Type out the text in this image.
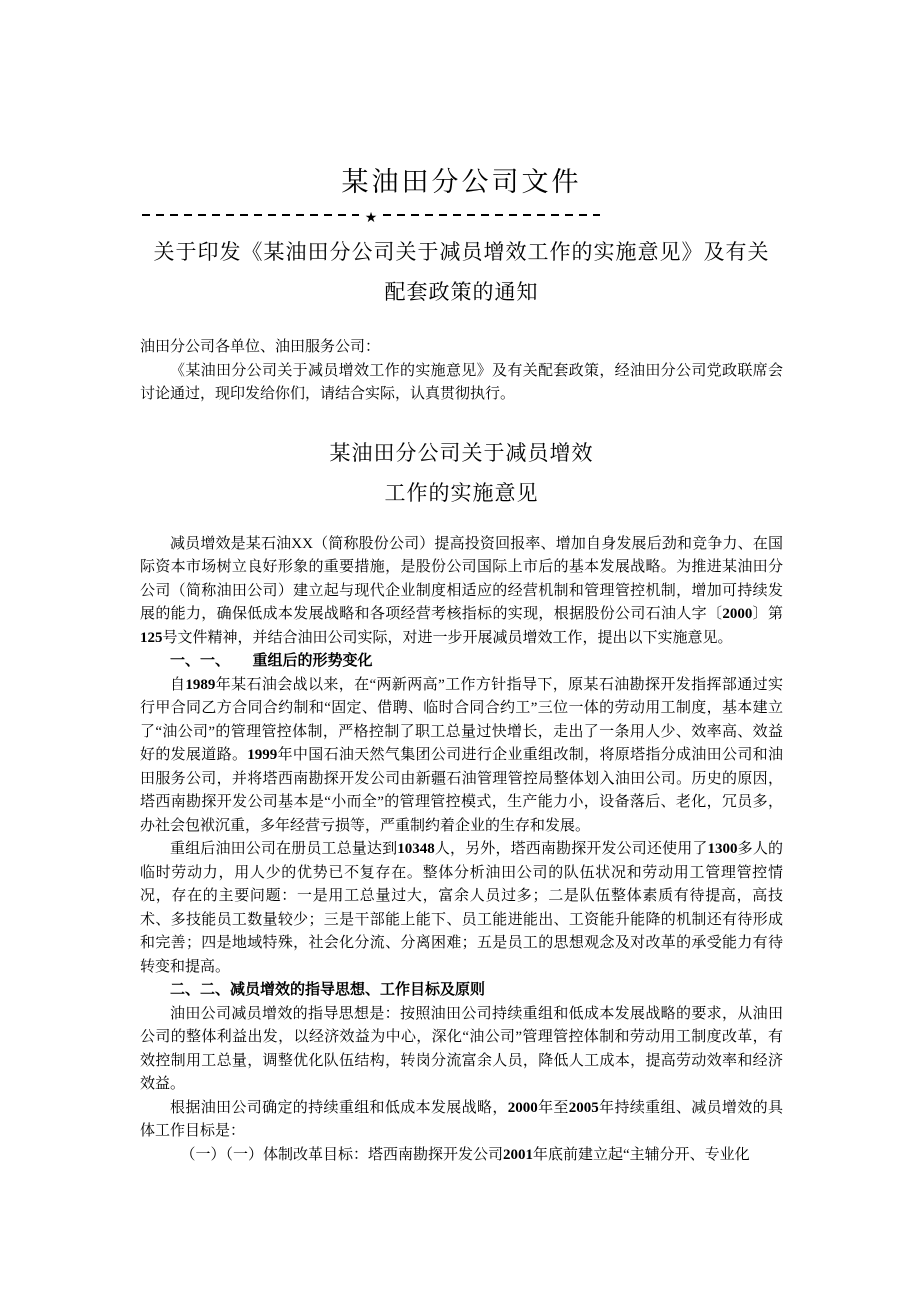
某油田分公司文件
★
关于印发《某油田分公司关于减员增效工作的实施意见》及有关
配套政策的通知

油田分公司各单位、油田服务公司：

《某油田分公司关于减员增效工作的实施意见》及有关配套政策，经油田分公司党政联席会讨论通过，现印发给你们，请结合实际，认真贯彻执行。

某油田分公司关于减员增效
工作的实施意见

减员增效是某石油XX（简称股份公司）提高投资回报率、增加自身发展后劲和竞争力、在国际资本市场树立良好形象的重要措施，是股份公司国际上市后的基本发展战略。为推进某油田分公司（简称油田公司）建立起与现代企业制度相适应的经营机制和管理管控机制，增加可持续发展的能力，确保低成本发展战略和各项经营考核指标的实现，根据股份公司石油人字〔2000〕第125号文件精神，并结合油田公司实际，对进一步开展减员增效工作，提出以下实施意见。

一、一、　　重组后的形势变化

自1989年某石油会战以来，在“两新两高”工作方针指导下，原某石油勘探开发指挥部通过实行甲合同乙方合同合约制和“固定、借聘、临时合同合约工”三位一体的劳动用工制度，基本建立了“油公司”的管理管控体制，严格控制了职工总量过快增长，走出了一条用人少、效率高、效益好的发展道路。1999年中国石油天然气集团公司进行企业重组改制，将原塔指分成油田公司和油田服务公司，并将塔西南勘探开发公司由新疆石油管理管控局整体划入油田公司。历史的原因，塔西南勘探开发公司基本是“小而全”的管理管控模式，生产能力小，设备落后、老化，冗员多，办社会包袱沉重，多年经营亏损等，严重制约着企业的生存和发展。

重组后油田公司在册员工总量达到10348人，另外，塔西南勘探开发公司还使用了1300多人的临时劳动力，用人少的优势已不复存在。整体分析油田公司的队伍状况和劳动用工管理管控情况，存在的主要问题：一是用工总量过大，富余人员过多；二是队伍整体素质有待提高，高技术、多技能员工数量较少；三是干部能上能下、员工能进能出、工资能升能降的机制还有待形成和完善；四是地域特殊，社会化分流、分离困难；五是员工的思想观念及对改革的承受能力有待转变和提高。

二、二、减员增效的指导思想、工作目标及原则

油田公司减员增效的指导思想是：按照油田公司持续重组和低成本发展战略的要求，从油田公司的整体利益出发，以经济效益为中心，深化“油公司”管理管控体制和劳动用工制度改革，有效控制用工总量，调整优化队伍结构，转岗分流富余人员，降低人工成本，提高劳动效率和经济效益。

根据油田公司确定的持续重组和低成本发展战略，2000年至2005年持续重组、减员增效的具体工作目标是：

（一）（一）体制改革目标：塔西南勘探开发公司2001年底前建立起“主辅分开、专业化
